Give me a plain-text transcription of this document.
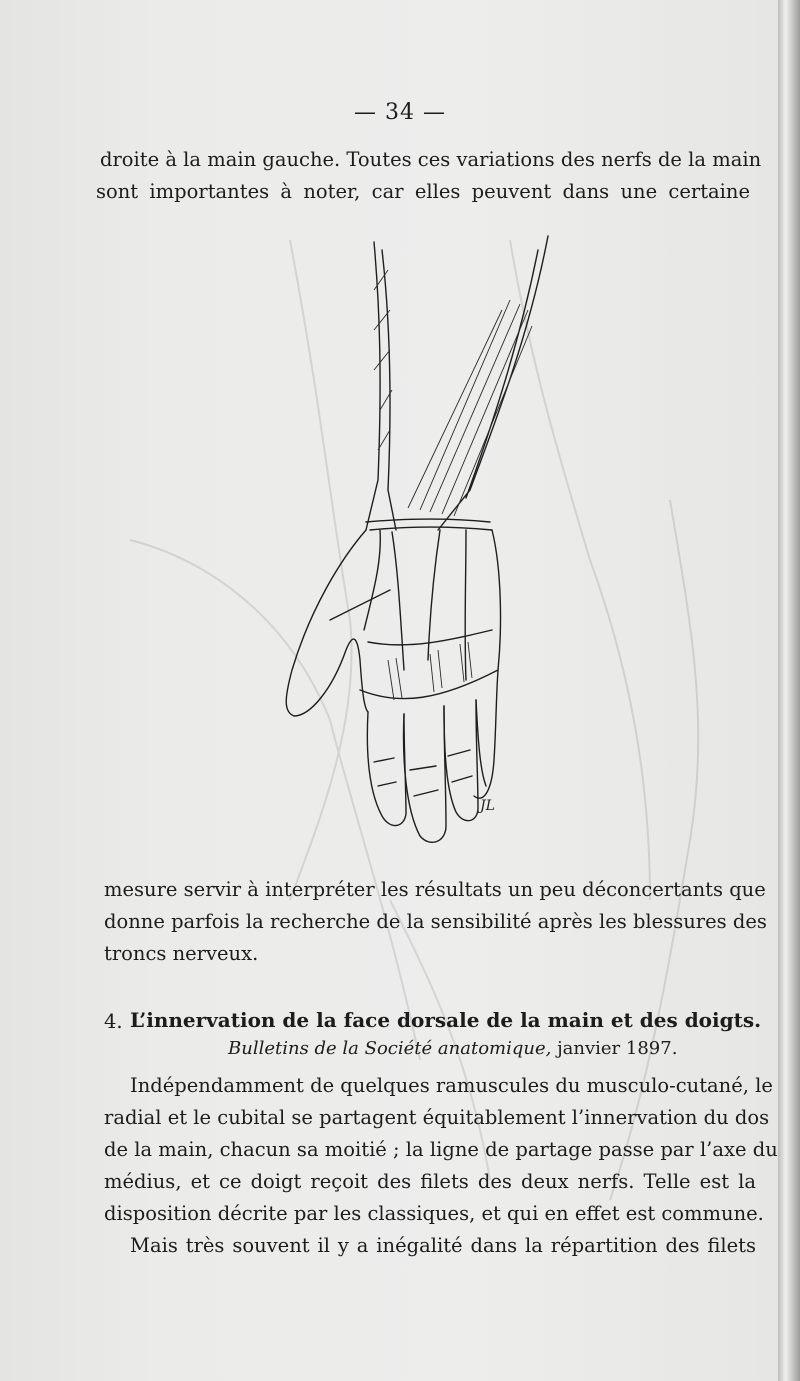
— 34 —
droite à la main gauche. Toutes ces variations des nerfs de la main
sont importantes à noter, car elles peuvent dans une certaine
JL
mesure servir à interpréter les résultats un peu déconcertants que
donne parfois la recherche de la sensibilité après les blessures des
troncs nerveux.
4. L’innervation de la face dorsale de la main et des doigts.
Bulletins de la Société anatomique, janvier 1897.
Indépendamment de quelques ramuscules du musculo-cutané, le
radial et le cubital se partagent équitablement l’innervation du dos
de la main, chacun sa moitié ; la ligne de partage passe par l’axe du
médius, et ce doigt reçoit des filets des deux nerfs. Telle est la
disposition décrite par les classiques, et qui en effet est commune.
Mais très souvent il y a inégalité dans la répartition des filets
